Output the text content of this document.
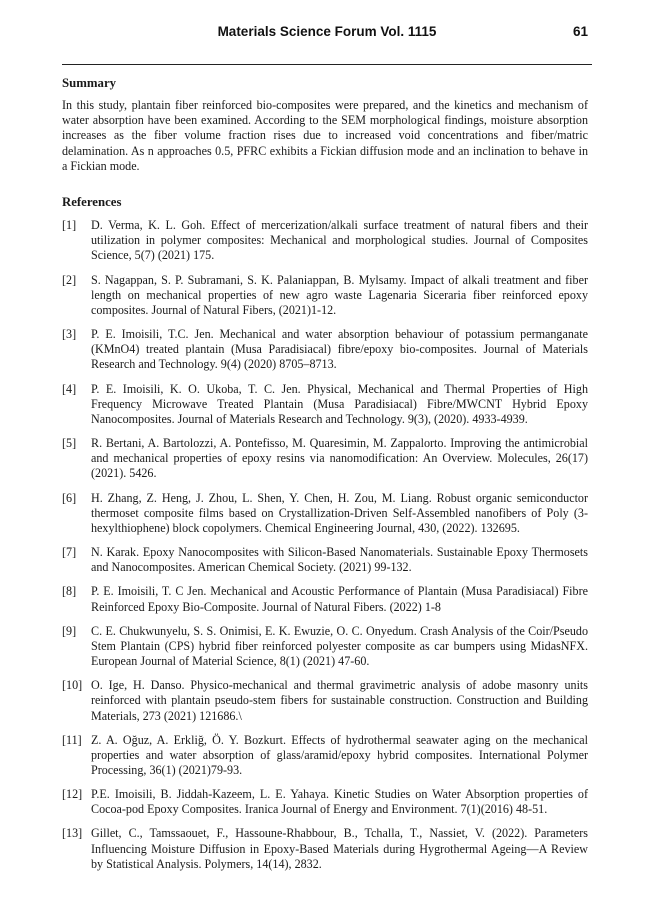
Materials Science Forum Vol. 1115	61
Summary

In this study, plantain fiber reinforced bio-composites were prepared, and the kinetics and mechanism of water absorption have been examined. According to the SEM morphological findings, moisture absorption increases as the fiber volume fraction rises due to increased void concentrations and fiber/matric delamination. As n approaches 0.5, PFRC exhibits a Fickian diffusion mode and an inclination to behave in a Fickian mode.

References
[1] D. Verma, K. L. Goh. Effect of mercerization/alkali surface treatment of natural fibers and their utilization in polymer composites: Mechanical and morphological studies. Journal of Composites Science, 5(7) (2021) 175.
[2] S. Nagappan, S. P. Subramani, S. K. Palaniappan, B. Mylsamy. Impact of alkali treatment and fiber length on mechanical properties of new agro waste Lagenaria Siceraria fiber reinforced epoxy composites. Journal of Natural Fibers, (2021)1-12.
[3] P. E. Imoisili, T.C. Jen. Mechanical and water absorption behaviour of potassium permanganate (KMnO4) treated plantain (Musa Paradisiacal) fibre/epoxy bio-composites. Journal of Materials Research and Technology. 9(4) (2020) 8705–8713.
[4] P. E. Imoisili, K. O. Ukoba, T. C. Jen. Physical, Mechanical and Thermal Properties of High Frequency Microwave Treated Plantain (Musa Paradisiacal) Fibre/MWCNT Hybrid Epoxy Nanocomposites. Journal of Materials Research and Technology. 9(3), (2020). 4933-4939.
[5] R. Bertani, A. Bartolozzi, A. Pontefisso, M. Quaresimin, M. Zappalorto. Improving the antimicrobial and mechanical properties of epoxy resins via nanomodification: An Overview. Molecules, 26(17) (2021). 5426.
[6] H. Zhang, Z. Heng, J. Zhou, L. Shen, Y. Chen, H. Zou, M. Liang. Robust organic semiconductor thermoset composite films based on Crystallization-Driven Self-Assembled nanofibers of Poly (3-hexylthiophene) block copolymers. Chemical Engineering Journal, 430, (2022). 132695.
[7] N. Karak. Epoxy Nanocomposites with Silicon-Based Nanomaterials. Sustainable Epoxy Thermosets and Nanocomposites. American Chemical Society. (2021) 99-132.
[8] P. E. Imoisili, T. C Jen. Mechanical and Acoustic Performance of Plantain (Musa Paradisiacal) Fibre Reinforced Epoxy Bio-Composite. Journal of Natural Fibers. (2022) 1-8
[9] C. E. Chukwunyelu, S. S. Onimisi, E. K. Ewuzie, O. C. Onyedum. Crash Analysis of the Coir/Pseudo Stem Plantain (CPS) hybrid fiber reinforced polyester composite as car bumpers using MidasNFX. European Journal of Material Science, 8(1) (2021) 47-60.
[10] O. Ige, H. Danso. Physico-mechanical and thermal gravimetric analysis of adobe masonry units reinforced with plantain pseudo-stem fibers for sustainable construction. Construction and Building Materials, 273 (2021) 121686.\
[11] Z. A. Oğuz, A. Erkliğ, Ö. Y. Bozkurt. Effects of hydrothermal seawater aging on the mechanical properties and water absorption of glass/aramid/epoxy hybrid composites. International Polymer Processing, 36(1) (2021)79-93.
[12] P.E. Imoisili, B. Jiddah-Kazeem, L. E. Yahaya. Kinetic Studies on Water Absorption properties of Cocoa-pod Epoxy Composites. Iranica Journal of Energy and Environment. 7(1)(2016) 48-51.
[13] Gillet, C., Tamssaouet, F., Hassoune-Rhabbour, B., Tchalla, T., Nassiet, V. (2022). Parameters Influencing Moisture Diffusion in Epoxy-Based Materials during Hygrothermal Ageing—A Review by Statistical Analysis. Polymers, 14(14), 2832.
